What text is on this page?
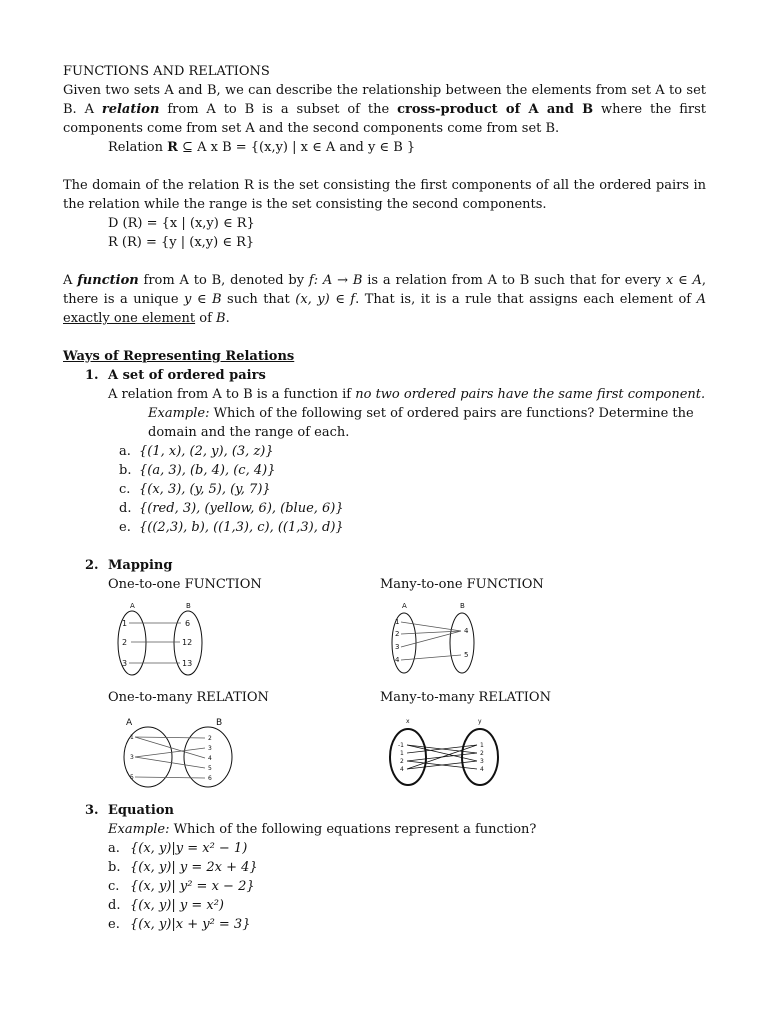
FUNCTIONS AND RELATIONS

Given two sets A and B, we can describe the relationship between the elements from set A to set B. A relation from A to B is a subset of the cross-product of A and B where the first components come from set A and the second components come from set B.

Relation R ⊆ A x B = {(x,y) | x ∈ A and y ∈ B }

The domain of the relation R is the set consisting the first components of all the ordered pairs in the relation while the range is the set consisting the second components.

D (R) = {x | (x,y) ∈ R}

R (R) = {y | (x,y) ∈ R}

A function from A to B, denoted by f: A → B is a relation from A to B such that for every x ∈ A, there is a unique y ∈ B such that (x, y) ∈ f. That is, it is a rule that assigns each element of A exactly one element of B.

Ways of Representing Relations

1. A set of ordered pairs

A relation from A to B is a function if no two ordered pairs have the same first component.

Example: Which of the following set of ordered pairs are functions? Determine the domain and the range of each.

a. {(1, x), (2, y), (3, z)}
b. {(a, 3), (b, 4), (c, 4)}
c. {(x, 3), (y, 5), (y, 7)}
d. {(red, 3), (yellow, 6), (blue, 6)}
e. {((2,3), b), ((1,3), c), ((1,3), d)}
2. Mapping

One-to-one FUNCTION

A	B
1
2
3
6
12
13

Many-to-one FUNCTION

A	B
1
2
3
4
4
5

One-to-many RELATION

A	B
1
3
5
2
3
4
5
6

Many-to-many RELATION

x	y
-1
1
2
4
1
2
3
4
3. Equation

Example: Which of the following equations represent a function?

a. {(x, y)|y = x² − 1)
b. {(x, y)| y = 2x + 4}
c. {(x, y)| y² = x − 2}
d. {(x, y)| y = x²)
e. {(x, y)|x + y² = 3}
